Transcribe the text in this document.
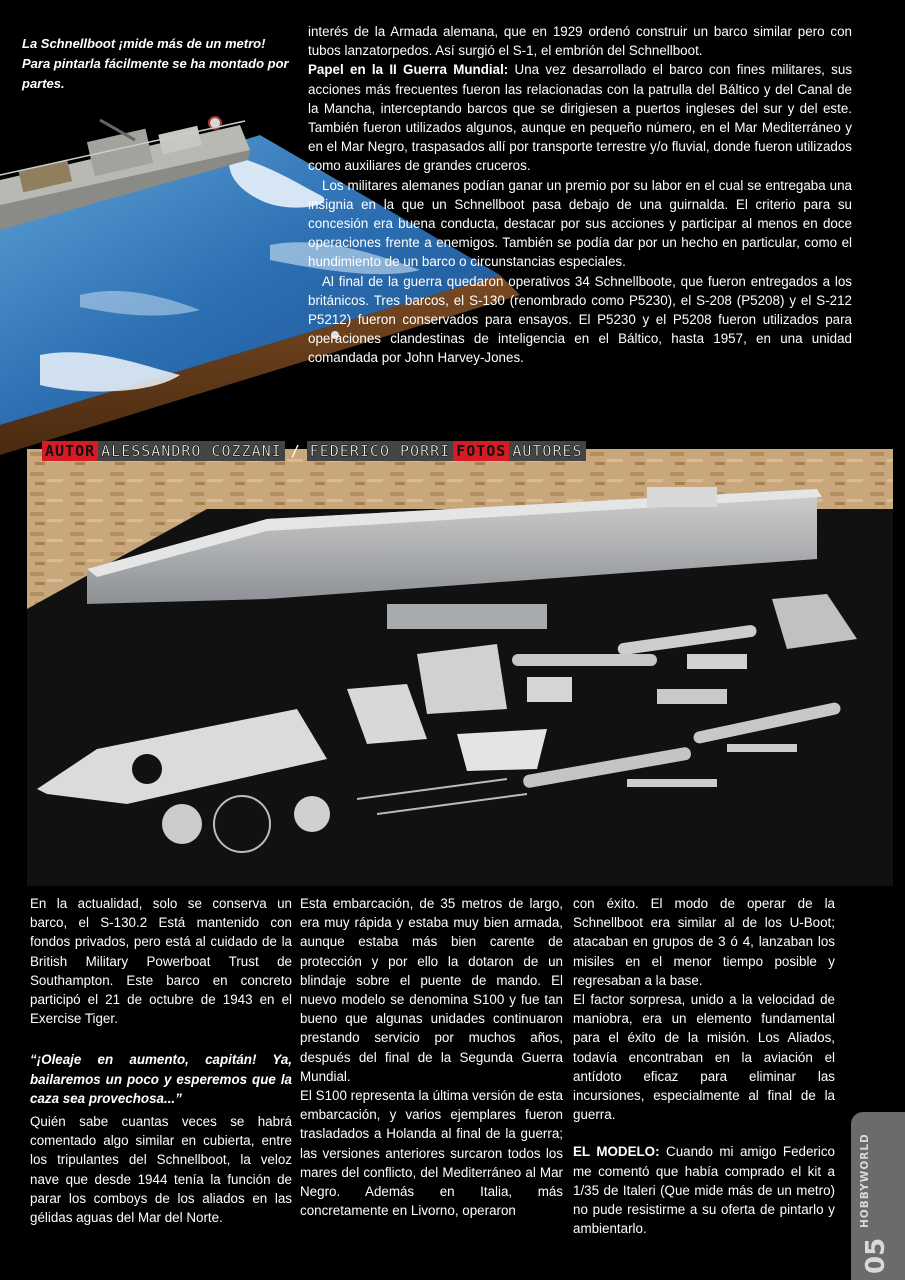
La Schnellboot ¡mide más de un metro! Para pintarla fácilmente se ha montado por partes.

interés de la Armada alemana, que en 1929 ordenó construir un barco similar pero con tubos lanzatorpedos. Así surgió el S-1, el embrión del Schnellboot.

Papel en la II Guerra Mundial: Una vez desarrollado el barco con fines militares, sus acciones más frecuentes fueron las relacionadas con la patrulla del Báltico y del Canal de la Mancha, interceptando barcos que se dirigiesen a puertos ingleses del sur y del este. También fueron utilizados algunos, aunque en pequeño número, en el Mar Mediterráneo y en el Mar Negro, traspasados allí por transporte terrestre y/o fluvial, donde fueron utilizados como auxiliares de grandes cruceros.

Los militares alemanes podían ganar un premio por su labor en el cual se entregaba una insignia en la que un Schnellboot pasa debajo de una guirnalda. El criterio para su concesión era buena conducta, destacar por sus acciones y participar al menos en doce operaciones frente a enemigos. También se podía dar por un hecho en particular, como el hundimiento de un barco o circunstancias especiales.

Al final de la guerra quedaron operativos 34 Schnellboote, que fueron entregados a los británicos. Tres barcos, el S-130 (renombrado como P5230), el S-208 (P5208) y el S-212 P5212) fueron conservados para ensayos. El P5230 y el P5208 fueron utilizados para operaciones clandestinas de inteligencia en el Báltico, hasta 1957, en una unidad comandada por John Harvey-Jones.

AUTOR ALESSANDRO COZZANI / FEDERICO PORRI FOTOS AUTORES

En la actualidad, solo se conserva un barco, el S-130.2 Está mantenido con fondos privados, pero está al cuidado de la British Military Powerboat Trust de Southampton. Este barco en concreto participó el 21 de octubre de 1943 en el Exercise Tiger.

“¡Oleaje en aumento, capitán! Ya, bailaremos un poco y esperemos que la caza sea provechosa...”

Quién sabe cuantas veces se habrá comentado algo similar en cubierta, entre los tripulantes del Schnellboot, la veloz nave que desde 1944 tenía la función de parar los comboys de los aliados en las gélidas aguas del Mar del Norte.

Esta embarcación, de 35 metros de largo, era muy rápida y estaba muy bien armada, aunque estaba más bien carente de protección y por ello la dotaron de un blindaje sobre el puente de mando. El nuevo modelo se denomina S100 y fue tan bueno que algunas unidades continuaron prestando servicio por muchos años, después del final de la Segunda Guerra Mundial.

El S100 representa la última versión de esta embarcación, y varios ejemplares fueron trasladados a Holanda al final de la guerra; las versiones anteriores surcaron todos los mares del conflicto, del Mediterráneo al Mar Negro. Además en Italia, más concretamente en Livorno, operaron

con éxito. El modo de operar de la Schnellboot era similar al de los U-Boot; atacaban en grupos de 3 ó 4, lanzaban los misiles en el menor tiempo posible y regresaban a la base.

El factor sorpresa, unido a la velocidad de maniobra, era un elemento fundamental para el éxito de la misión. Los Aliados, todavía encontraban en la aviación el antídoto eficaz para eliminar las incursiones, especialmente al final de la guerra.

EL MODELO: Cuando mi amigo Federico me comentó que había comprado el kit a 1/35 de Italeri (Que mide más de un metro) no pude resistirme a su oferta de pintarlo y ambientarlo.

HOBBYWORLD
05
